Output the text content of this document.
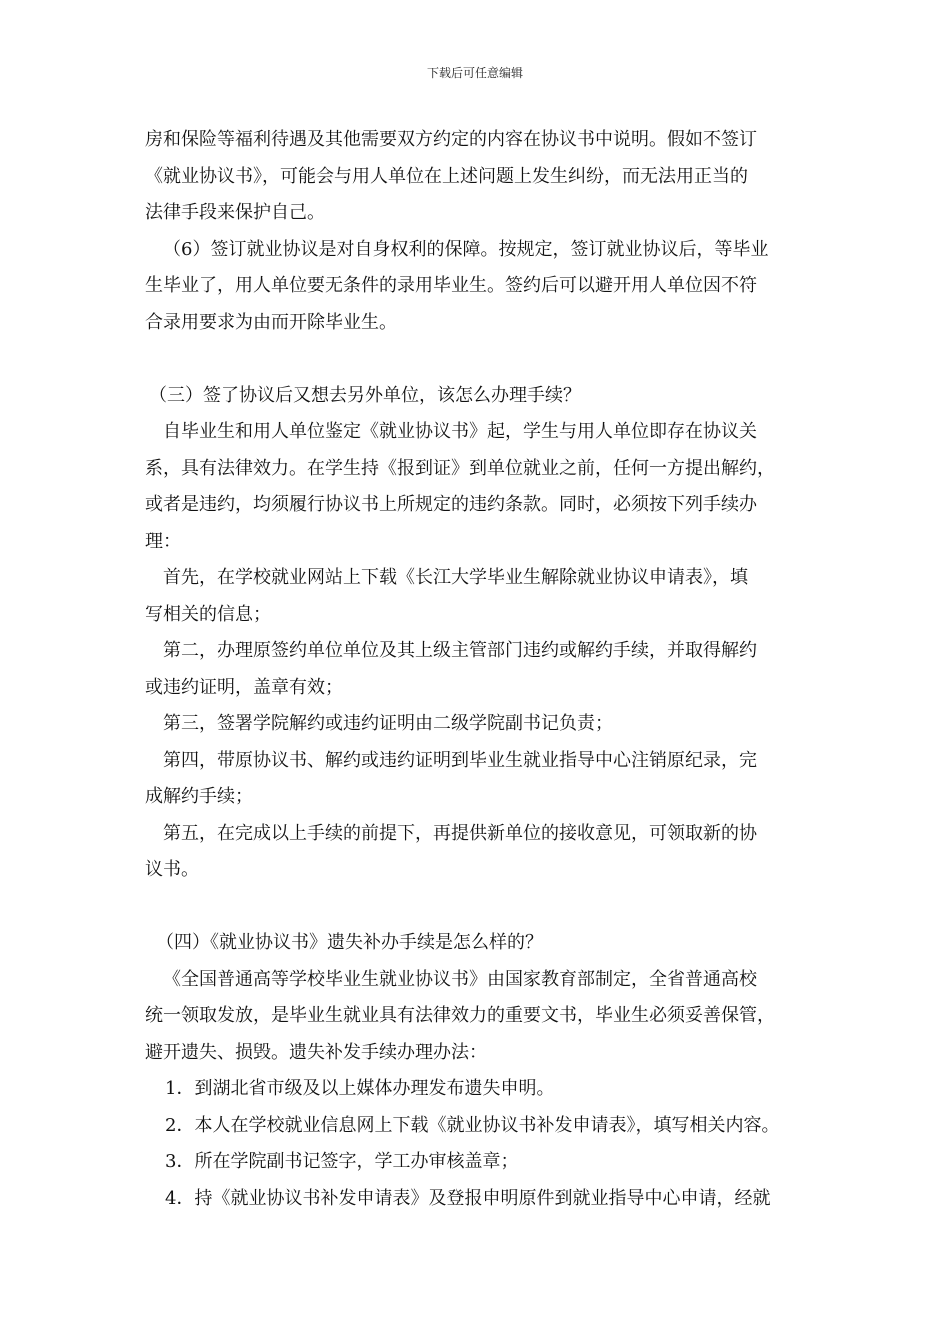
下载后可任意编辑
房和保险等福利待遇及其他需要双方约定的内容在协议书中说明。假如不签订
《就业协议书》，可能会与用人单位在上述问题上发生纠纷，而无法用正当的
法律手段来保护自己。
（6）签订就业协议是对自身权利的保障。按规定，签订就业协议后，等毕业
生毕业了，用人单位要无条件的录用毕业生。签约后可以避开用人单位因不符
合录用要求为由而开除毕业生。
（三）签了协议后又想去另外单位，该怎么办理手续？
自毕业生和用人单位鉴定《就业协议书》起，学生与用人单位即存在协议关
系，具有法律效力。在学生持《报到证》到单位就业之前，任何一方提出解约，
或者是违约，均须履行协议书上所规定的违约条款。同时，必须按下列手续办
理：
首先，在学校就业网站上下载《长江大学毕业生解除就业协议申请表》，填
写相关的信息；
第二，办理原签约单位单位及其上级主管部门违约或解约手续，并取得解约
或违约证明，盖章有效；
第三，签署学院解约或违约证明由二级学院副书记负责；
第四，带原协议书、解约或违约证明到毕业生就业指导中心注销原纪录，完
成解约手续；
第五，在完成以上手续的前提下，再提供新单位的接收意见，可领取新的协
议书。
（四）《就业协议书》遗失补办手续是怎么样的？
《全国普通高等学校毕业生就业协议书》由国家教育部制定，全省普通高校
统一领取发放，是毕业生就业具有法律效力的重要文书，毕业生必须妥善保管，
避开遗失、损毁。遗失补发手续办理办法：
1．到湖北省市级及以上媒体办理发布遗失申明。
2．本人在学校就业信息网上下载《就业协议书补发申请表》，填写相关内容。
3．所在学院副书记签字，学工办审核盖章；
4．持《就业协议书补发申请表》及登报申明原件到就业指导中心申请，经就
